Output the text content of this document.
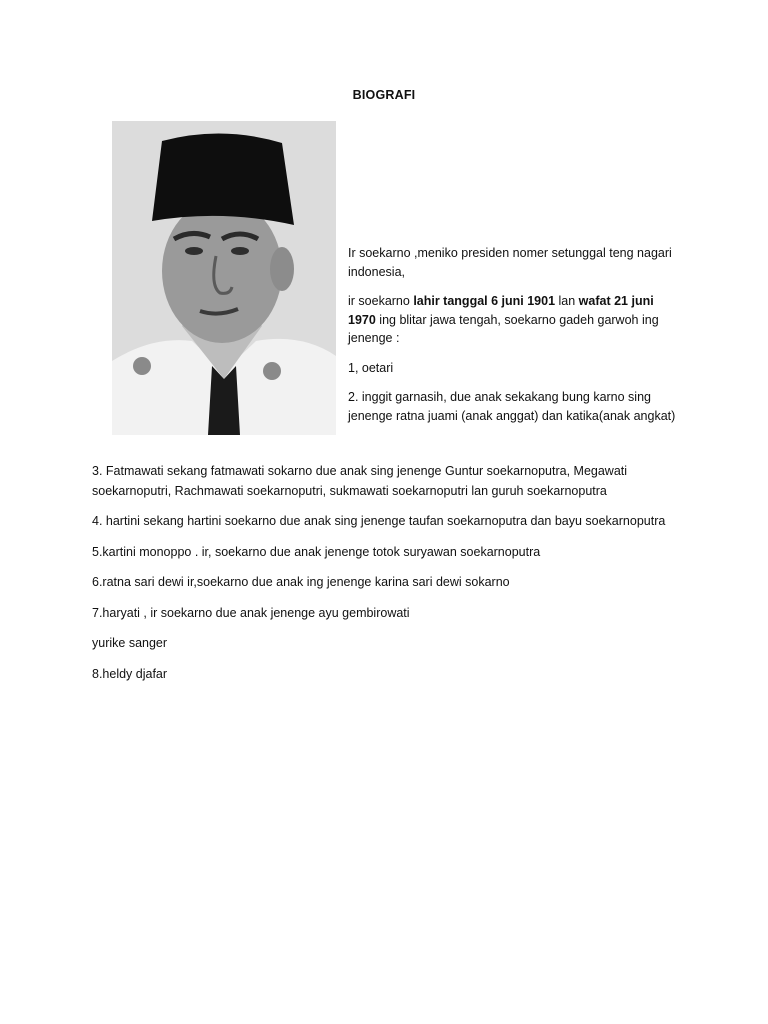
BIOGRAFI

Ir soekarno ,meniko presiden nomer setunggal teng nagari indonesia,

ir soekarno lahir tanggal 6 juni 1901 lan wafat 21 juni 1970 ing blitar jawa tengah, soekarno gadeh garwoh ing jenenge :

1, oetari

2. inggit garnasih, due anak sekakang bung karno sing jenenge ratna juami (anak anggat) dan katika(anak angkat)

3. Fatmawati sekang fatmawati sokarno due anak sing jenenge Guntur soekarnoputra, Megawati soekarnoputri, Rachmawati soekarnoputri, sukmawati soekarnoputri lan guruh soekarnoputra

4. hartini sekang hartini soekarno due anak sing jenenge taufan soekarnoputra dan bayu soekarnoputra

5.kartini monoppo . ir, soekarno due anak jenenge totok suryawan soekarnoputra

6.ratna sari dewi ir,soekarno due anak ing jenenge karina sari dewi sokarno

7.haryati , ir soekarno due anak jenenge ayu gembirowati

yurike sanger

8.heldy djafar
